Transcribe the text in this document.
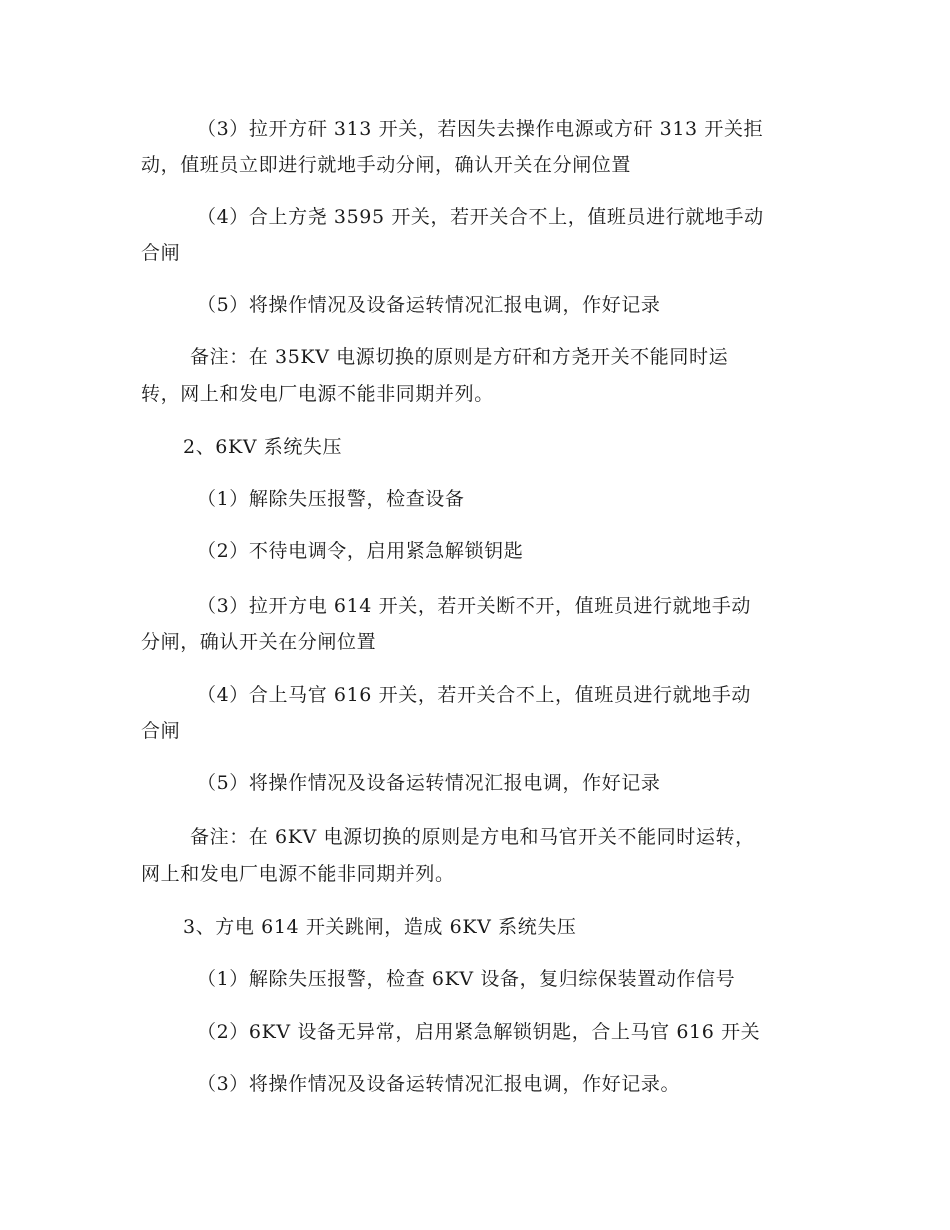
（3）拉开方矸 313 开关，若因失去操作电源或方矸 313 开关拒
动，值班员立即进行就地手动分闸，确认开关在分闸位置
（4）合上方尧 3595 开关，若开关合不上，值班员进行就地手动
合闸
（5）将操作情况及设备运转情况汇报电调，作好记录
备注：在 35KV 电源切换的原则是方矸和方尧开关不能同时运
转，网上和发电厂电源不能非同期并列。
2、6KV 系统失压
（1）解除失压报警，检查设备
（2）不待电调令，启用紧急解锁钥匙
（3）拉开方电 614 开关，若开关断不开，值班员进行就地手动
分闸，确认开关在分闸位置
（4）合上马官 616 开关，若开关合不上，值班员进行就地手动
合闸
（5）将操作情况及设备运转情况汇报电调，作好记录
备注：在 6KV 电源切换的原则是方电和马官开关不能同时运转，
网上和发电厂电源不能非同期并列。
3、方电 614 开关跳闸，造成 6KV 系统失压
（1）解除失压报警，检查 6KV 设备，复归综保装置动作信号
（2）6KV 设备无异常，启用紧急解锁钥匙，合上马官 616 开关
（3）将操作情况及设备运转情况汇报电调，作好记录。
